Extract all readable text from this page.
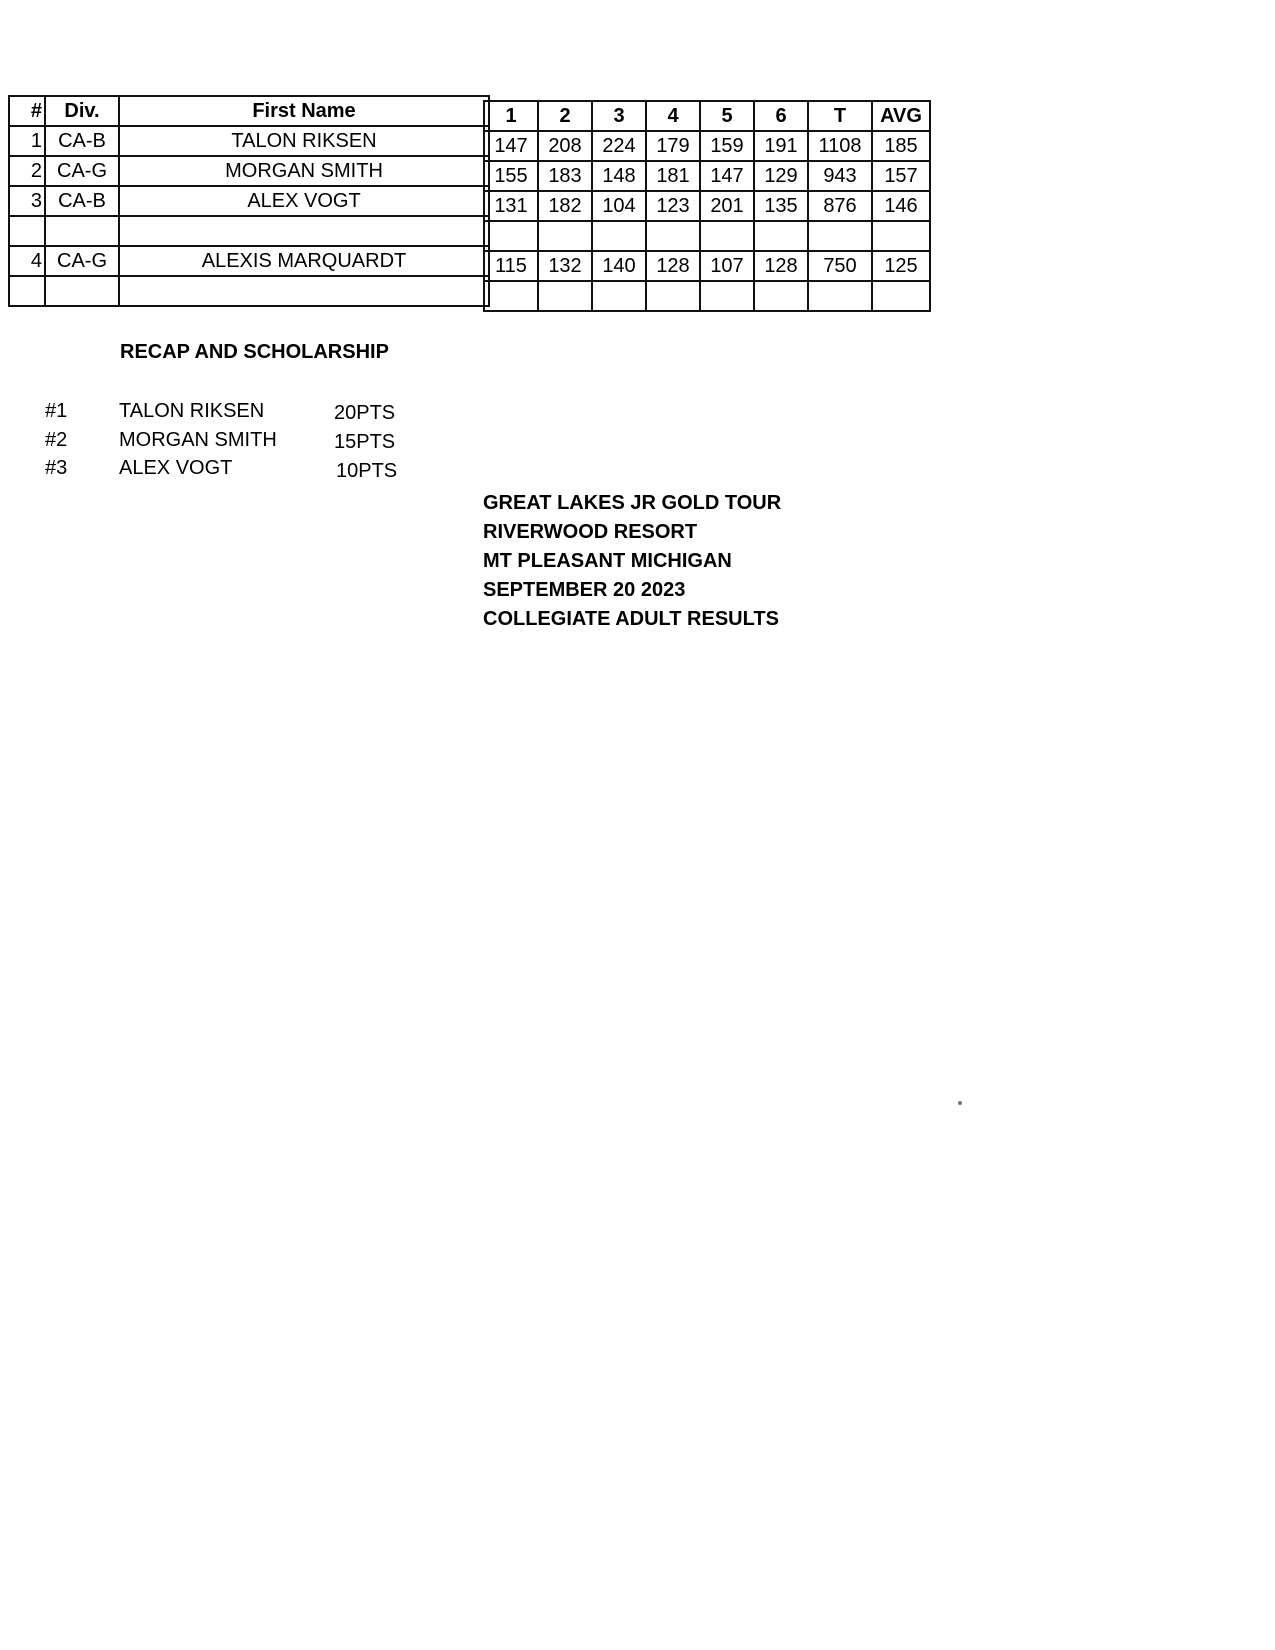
#	Div.	First Name
1	CA-B	TALON RIKSEN
2	CA-G	MORGAN SMITH
3	CA-B	ALEX VOGT

4	CA-G	ALEXIS MARQUARDT

1	2	3	4	5	6	T	AVG
147	208	224	179	159	191	1108	185
155	183	148	181	147	129	943	157
131	182	104	123	201	135	876	146

115	132	140	128	107	128	750	125

RECAP AND SCHOLARSHIP
#1	TALON RIKSEN	20PTS
#2	MORGAN SMITH	15PTS
#3	ALEX VOGT	10PTS
GREAT LAKES JR GOLD TOUR
RIVERWOOD RESORT
MT PLEASANT MICHIGAN
SEPTEMBER 20 2023
COLLEGIATE ADULT RESULTS
